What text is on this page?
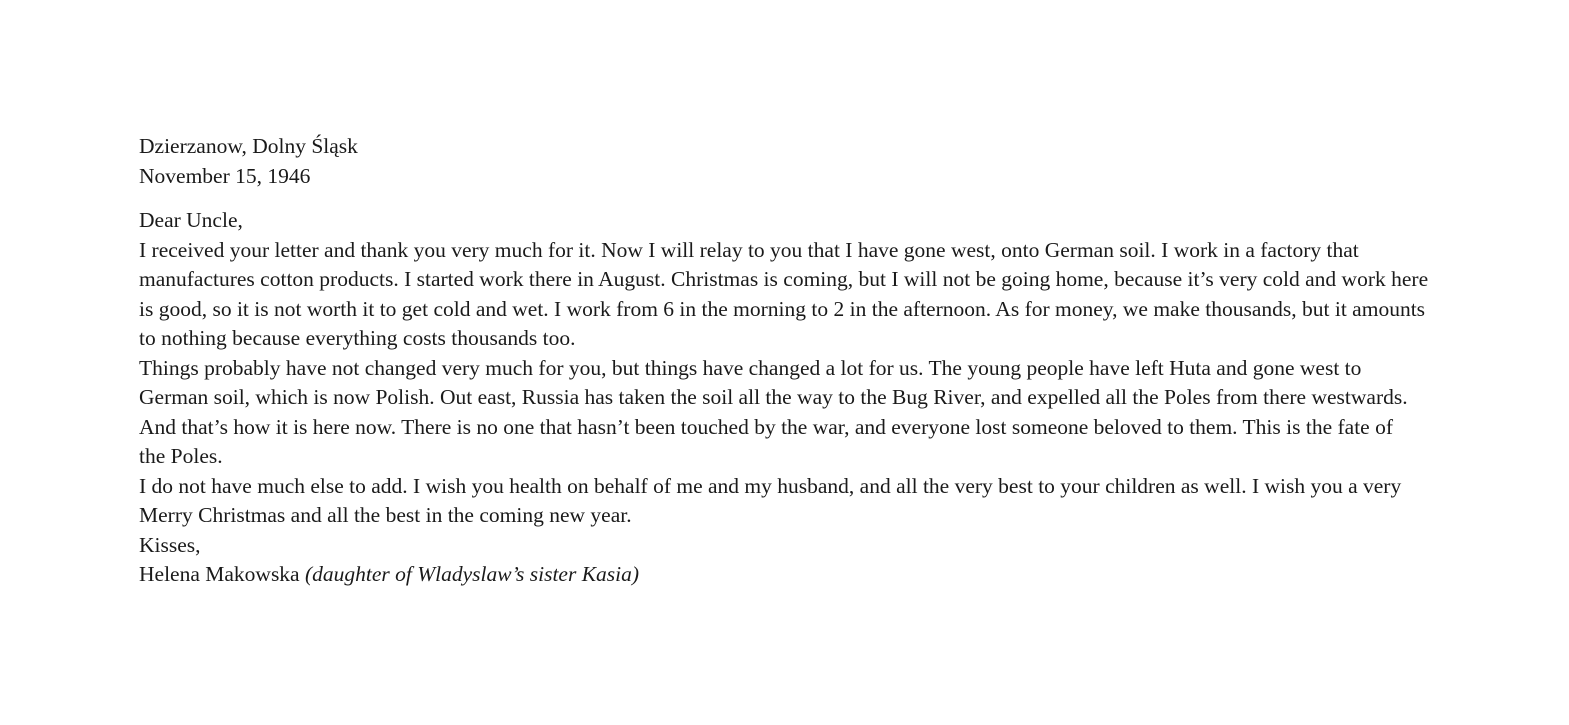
Dzierzanow, Dolny Śląsk

November 15, 1946

Dear Uncle,

I received your letter and thank you very much for it. Now I will relay to you that I have gone west, onto German soil. I work in a factory that manufactures cotton products. I started work there in August. Christmas is coming, but I will not be going home, because it’s very cold and work here is good, so it is not worth it to get cold and wet. I work from 6 in the morning to 2 in the afternoon. As for money, we make thousands, but it amounts to nothing because everything costs thousands too.

Things probably have not changed very much for you, but things have changed a lot for us. The young people have left Huta and gone west to German soil, which is now Polish. Out east, Russia has taken the soil all the way to the Bug River, and expelled all the Poles from there westwards. And that’s how it is here now. There is no one that hasn’t been touched by the war, and everyone lost someone beloved to them. This is the fate of the Poles.

I do not have much else to add. I wish you health on behalf of me and my husband, and all the very best to your children as well. I wish you a very Merry Christmas and all the best in the coming new year.

Kisses,

Helena Makowska (daughter of Wladyslaw’s sister Kasia)
